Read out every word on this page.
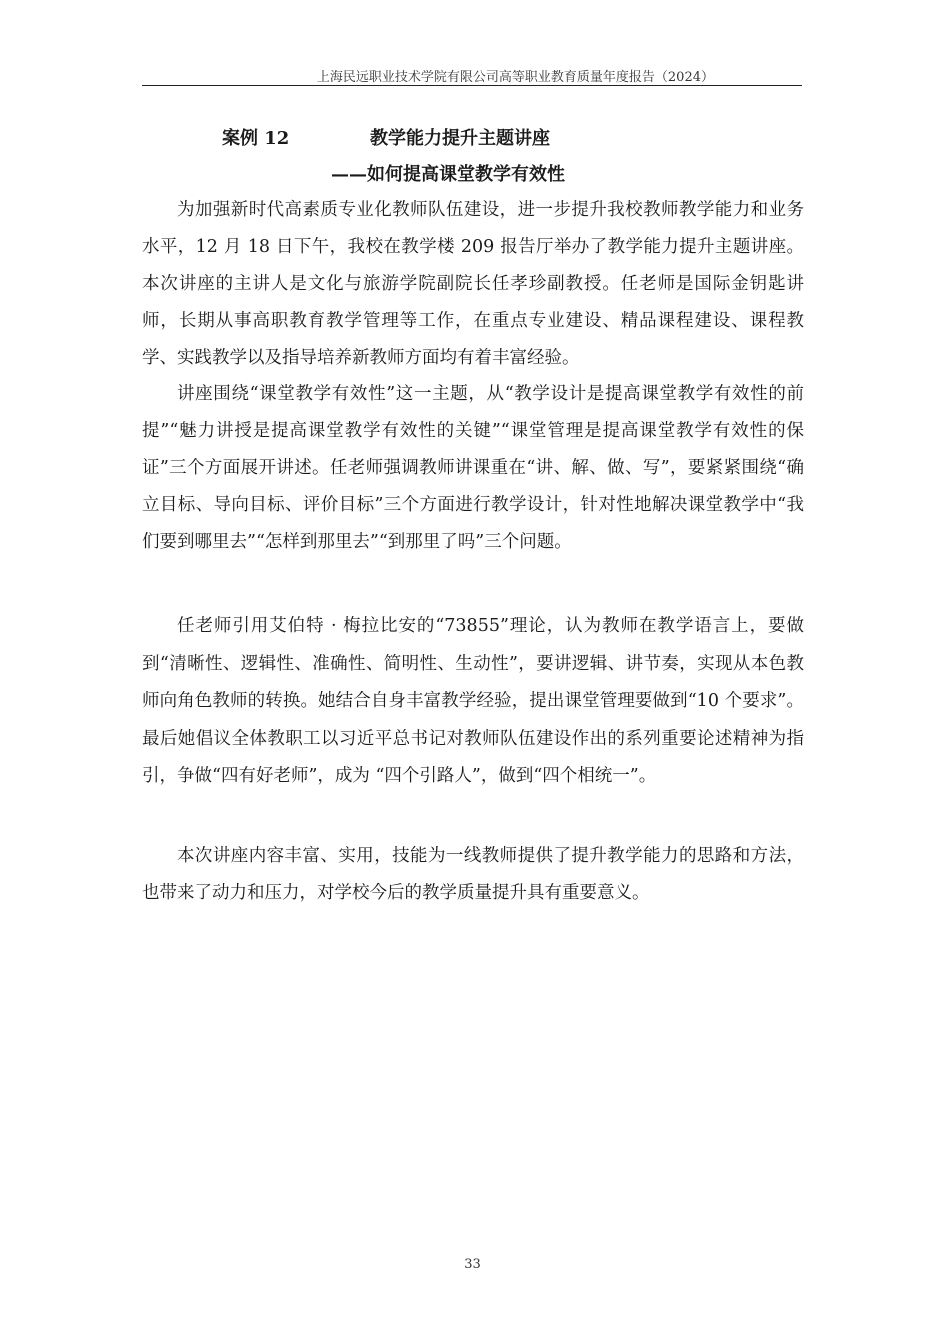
上海民远职业技术学院有限公司高等职业教育质量年度报告（2024）
案例 12	教学能力提升主题讲座
——如何提高课堂教学有效性

为加强新时代高素质专业化教师队伍建设，进一步提升我校教师教学能力和业务水平，12 月 18 日下午，我校在教学楼 209 报告厅举办了教学能力提升主题讲座。本次讲座的主讲人是文化与旅游学院副院长任孝珍副教授。任老师是国际金钥匙讲师，长期从事高职教育教学管理等工作，在重点专业建设、精品课程建设、课程教学、实践教学以及指导培养新教师方面均有着丰富经验。

讲座围绕“课堂教学有效性”这一主题，从“教学设计是提高课堂教学有效性的前提”“魅力讲授是提高课堂教学有效性的关键”“课堂管理是提高课堂教学有效性的保证”三个方面展开讲述。任老师强调教师讲课重在“讲、解、做、写”，要紧紧围绕“确立目标、导向目标、评价目标”三个方面进行教学设计，针对性地解决课堂教学中“我们要到哪里去”“怎样到那里去”“到那里了吗”三个问题。

任老师引用艾伯特 · 梅拉比安的“73855”理论，认为教师在教学语言上，要做到“清晰性、逻辑性、准确性、简明性、生动性”，要讲逻辑、讲节奏，实现从本色教师向角色教师的转换。她结合自身丰富教学经验，提出课堂管理要做到“10 个要求”。最后她倡议全体教职工以习近平总书记对教师队伍建设作出的系列重要论述精神为指引，争做“四有好老师”，成为 “四个引路人”，做到“四个相统一”。

本次讲座内容丰富、实用，技能为一线教师提供了提升教学能力的思路和方法，也带来了动力和压力，对学校今后的教学质量提升具有重要意义。

33
